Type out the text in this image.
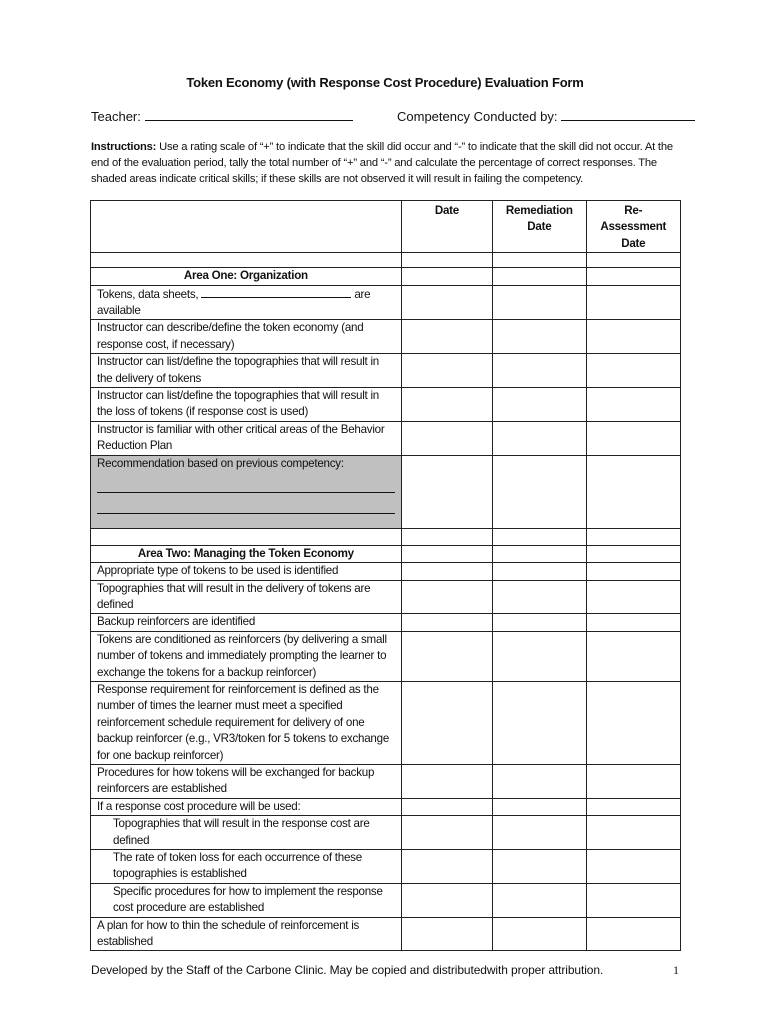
Token Economy (with Response Cost Procedure) Evaluation Form
Teacher:	Competency Conducted by:
Instructions: Use a rating scale of “+” to indicate that the skill did occur and “-” to indicate that the skill did not occur. At the end of the evaluation period, tally the total number of “+” and “-” and calculate the percentage of correct responses. The shaded areas indicate critical skills; if these skills are not observed it will result in failing the competency.
	Date	Remediation Date	Re-Assessment Date

Area One: Organization			
Tokens, data sheets, are available			
Instructor can describe/define the token economy (and response cost, if necessary)			
Instructor can list/define the topographies that will result in the delivery of tokens			
Instructor can list/define the topographies that will result in the loss of tokens (if response cost is used)			
Instructor is familiar with other critical areas of the Behavior Reduction Plan			

Recommendation based on previous competency:			

Area Two: Managing the Token Economy			
Appropriate type of tokens to be used is identified			
Topographies that will result in the delivery of tokens are defined			
Backup reinforcers are identified			
Tokens are conditioned as reinforcers (by delivering a small number of tokens and immediately prompting the learner to exchange the tokens for a backup reinforcer)			
Response requirement for reinforcement is defined as the number of times the learner must meet a specified reinforcement schedule requirement for delivery of one backup reinforcer (e.g., VR3/token for 5 tokens to exchange for one backup reinforcer)			
Procedures for how tokens will be exchanged for backup reinforcers are established			
If a response cost procedure will be used:			
Topographies that will result in the response cost are defined			
The rate of token loss for each occurrence of these topographies is established			
Specific procedures for how to implement the response cost procedure are established			
A plan for how to thin the schedule of reinforcement is established			
Developed by the Staff of the Carbone Clinic. May be copied and distributedwith proper attribution.	1
